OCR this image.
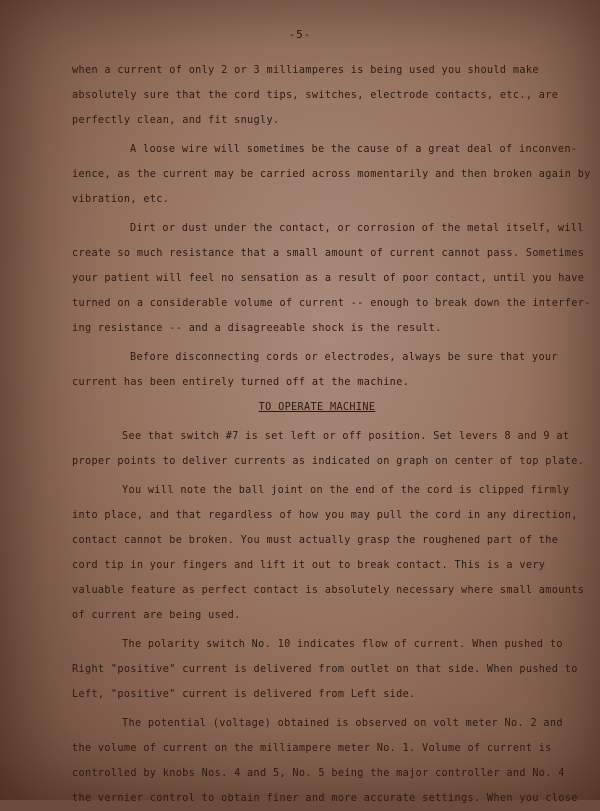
-5-
when a current of only 2 or 3 milliamperes is being used you should make
absolutely sure that the cord tips, switches, electrode contacts, etc., are
perfectly clean, and fit snugly.
A loose wire will sometimes be the cause of a great deal of inconven-
ience, as the current may be carried across momentarily and then broken again by
vibration, etc.
Dirt or dust under the contact, or corrosion of the metal itself, will
create so much resistance that a small amount of current cannot pass. Sometimes
your patient will feel no sensation as a result of poor contact, until you have
turned on a considerable volume of current -- enough to break down the interfer-
ing resistance -- and a disagreeable shock is the result.
Before disconnecting cords or electrodes, always be sure that your
current has been entirely turned off at the machine.
TO OPERATE MACHINE
See that switch #7 is set left or off position. Set levers 8 and 9 at
proper points to deliver currents as indicated on graph on center of top plate.
You will note the ball joint on the end of the cord is clipped firmly
into place, and that regardless of how you may pull the cord in any direction,
contact cannot be broken. You must actually grasp the roughened part of the
cord tip in your fingers and lift it out to break contact. This is a very
valuable feature as perfect contact is absolutely necessary where small amounts
of current are being used.
The polarity switch No. 10 indicates flow of current. When pushed to
Right "positive" current is delivered from outlet on that side. When pushed to
Left, "positive" current is delivered from Left side.
The potential (voltage) obtained is observed on volt meter No. 2 and
the volume of current on the milliampere meter No. 1. Volume of current is
controlled by knobs Nos. 4 and 5, No. 5 being the major controller and No. 4
the vernier control to obtain finer and more accurate settings. When you close
